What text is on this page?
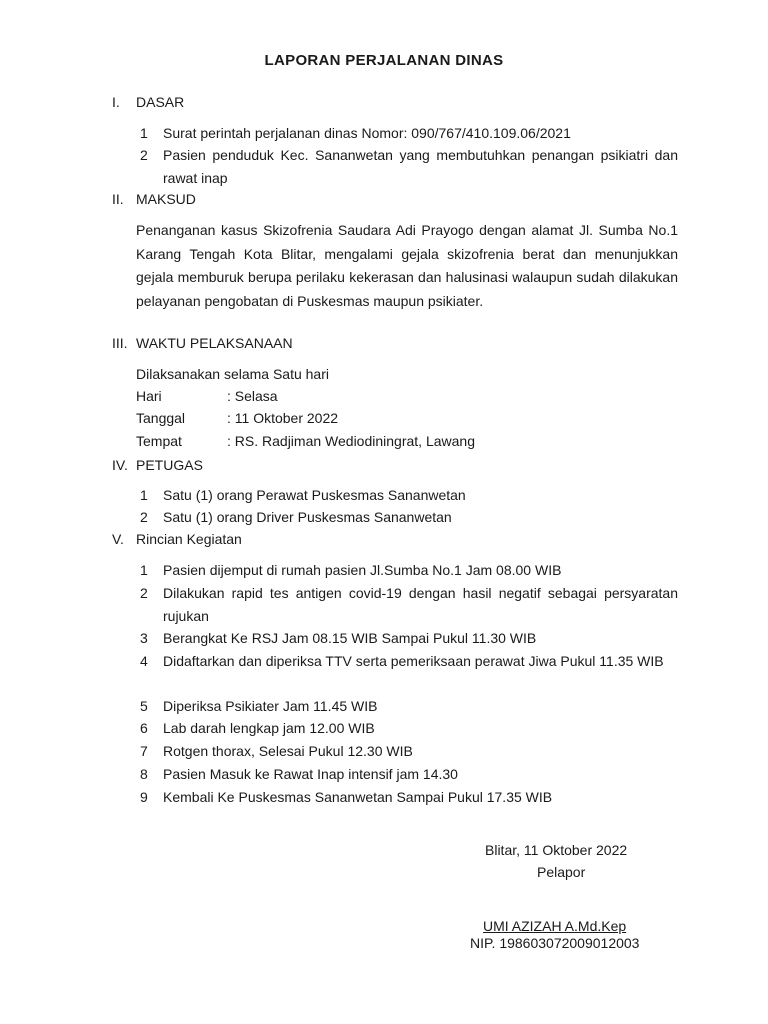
LAPORAN PERJALANAN DINAS
I. DASAR
1 Surat perintah perjalanan dinas Nomor: 090/767/410.109.06/2021
2 Pasien penduduk Kec. Sananwetan yang membutuhkan penangan psikiatri dan rawat inap
II. MAKSUD
Penanganan kasus Skizofrenia Saudara Adi Prayogo dengan alamat Jl. Sumba No.1 Karang Tengah Kota Blitar, mengalami gejala skizofrenia berat dan menunjukkan gejala memburuk berupa perilaku kekerasan dan halusinasi walaupun sudah dilakukan pelayanan pengobatan di Puskesmas maupun psikiater.
III. WAKTU PELAKSANAAN
Dilaksanakan selama Satu hari
Hari	: Selasa
Tanggal	: 11 Oktober 2022
Tempat	: RS. Radjiman Wediodiningrat, Lawang
IV. PETUGAS
1 Satu (1) orang Perawat Puskesmas Sananwetan
2 Satu (1) orang Driver Puskesmas Sananwetan
V. Rincian Kegiatan
1 Pasien dijemput di rumah pasien Jl.Sumba No.1 Jam 08.00 WIB
2 Dilakukan rapid tes antigen covid-19 dengan hasil negatif sebagai persyaratan rujukan
3 Berangkat Ke RSJ Jam 08.15 WIB Sampai Pukul 11.30 WIB
4 Didaftarkan dan diperiksa TTV serta pemeriksaan perawat Jiwa Pukul 11.35 WIB
5 Diperiksa Psikiater Jam 11.45 WIB
6 Lab darah lengkap jam 12.00 WIB
7 Rotgen thorax, Selesai Pukul 12.30 WIB
8 Pasien Masuk ke Rawat Inap intensif jam 14.30
9 Kembali Ke Puskesmas Sananwetan Sampai Pukul 17.35 WIB
Blitar, 11 Oktober 2022
Pelapor
UMI AZIZAH A.Md.Kep
NIP. 198603072009012003
